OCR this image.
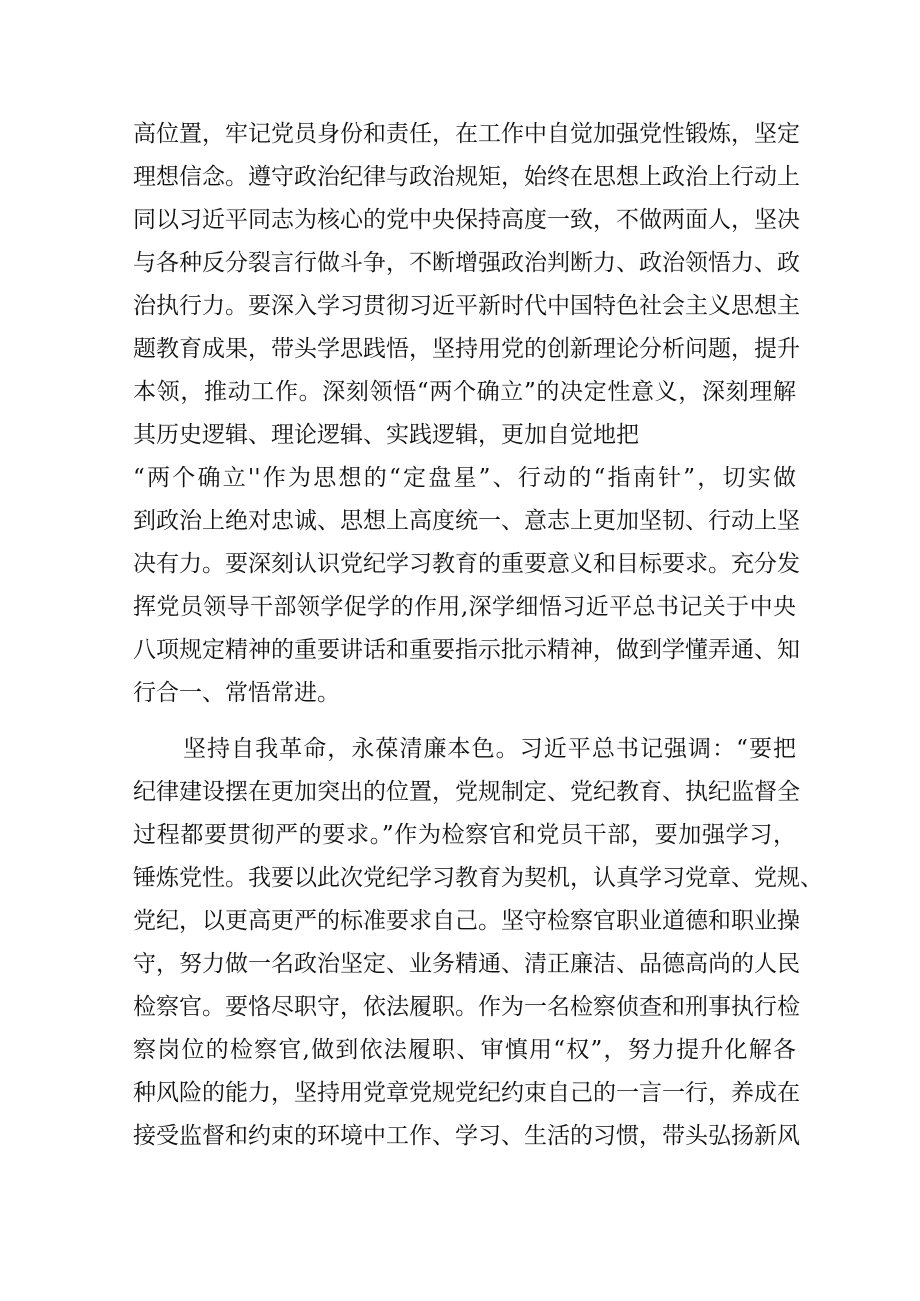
高位置，牢记党员身份和责任，在工作中自觉加强党性锻炼，坚定
理想信念。遵守政治纪律与政治规矩，始终在思想上政治上行动上
同以习近平同志为核心的党中央保持高度一致，不做两面人，坚决
与各种反分裂言行做斗争，不断增强政治判断力、政治领悟力、政
治执行力。要深入学习贯彻习近平新时代中国特色社会主义思想主
题教育成果，带头学思践悟，坚持用党的创新理论分析问题，提升
本领，推动工作。深刻领悟“两个确立”的决定性意义，深刻理解
其历史逻辑、理论逻辑、实践逻辑，更加自觉地把
“两个确立''作为思想的“定盘星”、行动的“指南针”，切实做
到政治上绝对忠诚、思想上高度统一、意志上更加坚韧、行动上坚
决有力。要深刻认识党纪学习教育的重要意义和目标要求。充分发
挥党员领导干部领学促学的作用,深学细悟习近平总书记关于中央
八项规定精神的重要讲话和重要指示批示精神，做到学懂弄通、知
行合一、常悟常进。
坚持自我革命，永葆清廉本色。习近平总书记强调：“要把
纪律建设摆在更加突出的位置，党规制定、党纪教育、执纪监督全
过程都要贯彻严的要求。”作为检察官和党员干部，要加强学习，
锤炼党性。我要以此次党纪学习教育为契机，认真学习党章、党规、
党纪，以更高更严的标准要求自己。坚守检察官职业道德和职业操
守，努力做一名政治坚定、业务精通、清正廉洁、品德高尚的人民
检察官。要恪尽职守，依法履职。作为一名检察侦查和刑事执行检
察岗位的检察官,做到依法履职、审慎用“权”，努力提升化解各
种风险的能力，坚持用党章党规党纪约束自己的一言一行，养成在
接受监督和约束的环境中工作、学习、生活的习惯，带头弘扬新风
